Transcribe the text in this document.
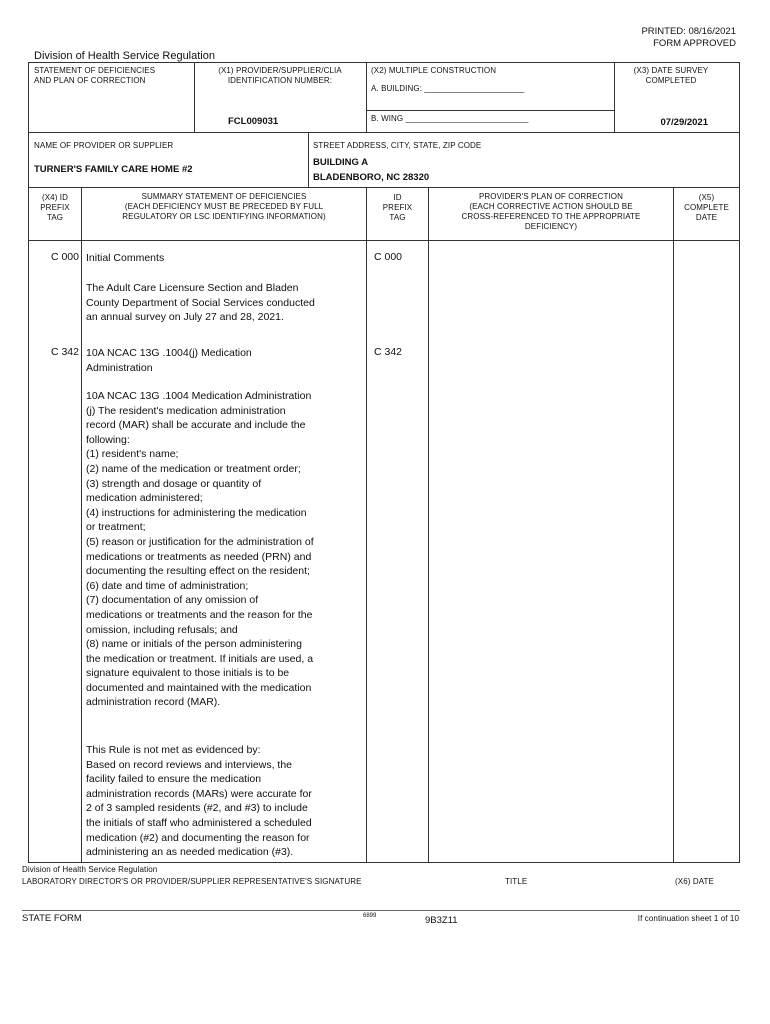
PRINTED: 08/16/2021
FORM APPROVED
Division of Health Service Regulation
STATEMENT OF DEFICIENCIES
AND PLAN OF CORRECTION
(X1) PROVIDER/SUPPLIER/CLIA
IDENTIFICATION NUMBER:
FCL009031
(X2) MULTIPLE CONSTRUCTION
A. BUILDING: ______________________
B. WING ___________________________
(X3) DATE SURVEY
COMPLETED
07/29/2021
NAME OF PROVIDER OR SUPPLIER
TURNER'S FAMILY CARE HOME #2
STREET ADDRESS, CITY, STATE, ZIP CODE
BUILDING A
BLADENBORO, NC 28320
(X4) ID
PREFIX
TAG
SUMMARY STATEMENT OF DEFICIENCIES
(EACH DEFICIENCY MUST BE PRECEDED BY FULL
REGULATORY OR LSC IDENTIFYING INFORMATION)
ID
PREFIX
TAG
PROVIDER'S PLAN OF CORRECTION
(EACH CORRECTIVE ACTION SHOULD BE
CROSS-REFERENCED TO THE APPROPRIATE
DEFICIENCY)
(X5)
COMPLETE
DATE
C 000	C 000
Initial Comments
The Adult Care Licensure Section and Bladen
County Department of Social Services conducted
an annual survey on July 27 and 28, 2021.
C 342	C 342
10A NCAC 13G .1004(j) Medication
Administration
10A NCAC 13G .1004 Medication Administration
(j) The resident's medication administration
record (MAR) shall be accurate and include the
following:
(1) resident's name;
(2) name of the medication or treatment order;
(3) strength and dosage or quantity of
medication administered;
(4) instructions for administering the medication
or treatment;
(5) reason or justification for the administration of
medications or treatments as needed (PRN) and
documenting the resulting effect on the resident;
(6) date and time of administration;
(7) documentation of any omission of
medications or treatments and the reason for the
omission, including refusals; and
(8) name or initials of the person administering
the medication or treatment. If initials are used, a
signature equivalent to those initials is to be
documented and maintained with the medication
administration record (MAR).
This Rule is not met as evidenced by:
Based on record reviews and interviews, the
facility failed to ensure the medication
administration records (MARs) were accurate for
2 of 3 sampled residents (#2, and #3) to include
the initials of staff who administered a scheduled
medication (#2) and documenting the reason for
administering an as needed medication (#3).
Division of Health Service Regulation
LABORATORY DIRECTOR'S OR PROVIDER/SUPPLIER REPRESENTATIVE'S SIGNATURE	TITLE	(X6) DATE
STATE FORM	6899	9B3Z11	If continuation sheet 1 of 10
